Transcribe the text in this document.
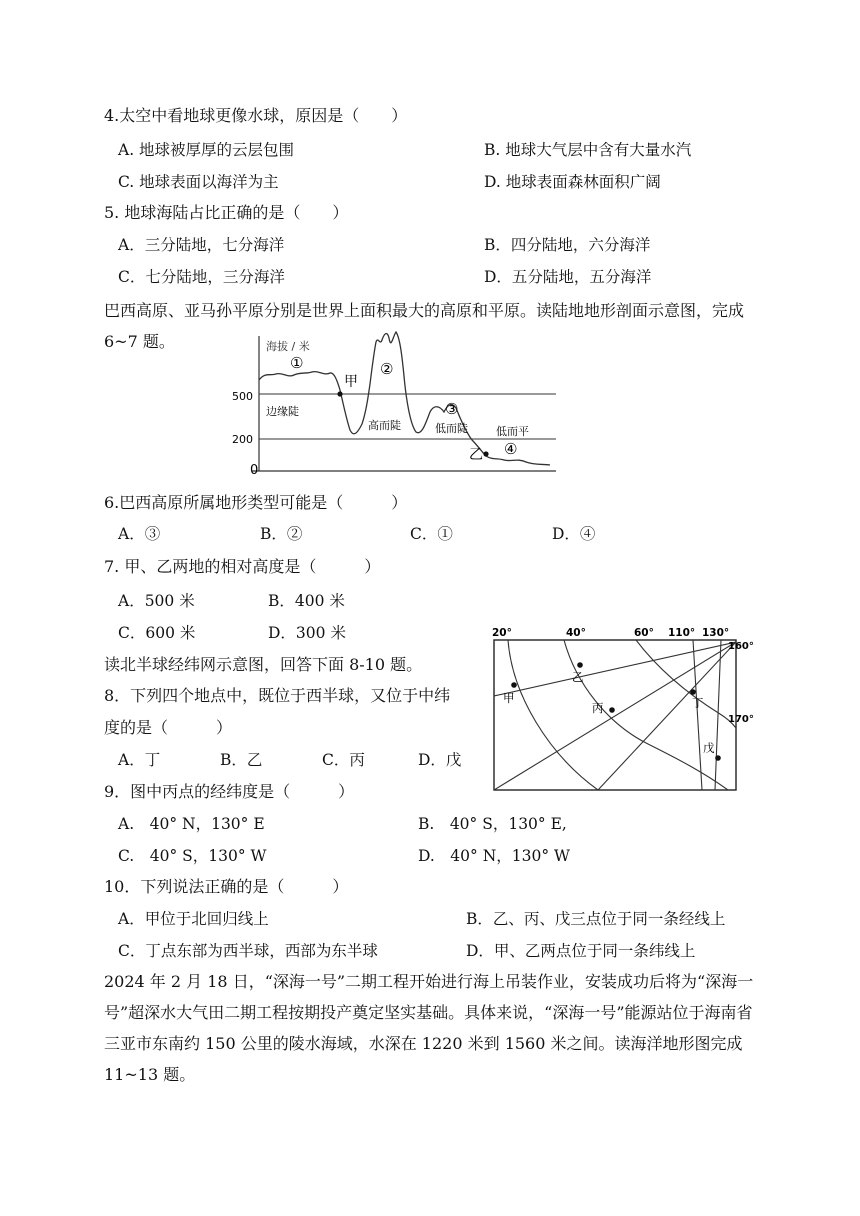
4.太空中看地球更像水球，原因是（　　）
A. 地球被厚厚的云层包围	B. 地球大气层中含有大量水汽
C. 地球表面以海洋为主	D. 地球表面森林面积广阔
5. 地球海陆占比正确的是（　　）
A．三分陆地，七分海洋	B．四分陆地，六分海洋
C．七分陆地，三分海洋	D．五分陆地，五分海洋
巴西高原、亚马孙平原分别是世界上面积最大的高原和平原。读陆地地形剖面示意图，完成 6~7 题。
500
200
0
海拔 / 米
①
甲
②
③
乙 ④
边缘陡
高而陡	低而陡	低而平
6.巴西高原所属地形类型可能是（　　　）
A．③	B．②	C．①	D．④
7. 甲、乙两地的相对高度是（　　　）
A．500 米	B．400 米
C．600 米	D．300 米
读北半球经纬网示意图，回答下面 8-10 题。
20°	40°	60° 110° 130°
160°
170°
甲
乙
丙	丁
戊
8．下列四个地点中，既位于西半球，又位于中纬
度的是（　　　）
A．丁	B．乙	C．丙	D．戊
9．图中丙点的经纬度是（　　　）
A.　40° N，130° E	B.　40° S，130° E,
C.　40° S，130° W	D.　40° N，130° W
10．下列说法正确的是（　　　）
A．甲位于北回归线上	B．乙、丙、戊三点位于同一条经线上
C．丁点东部为西半球，西部为东半球	D．甲、乙两点位于同一条纬线上
2024 年 2 月 18 日，“深海一号”二期工程开始进行海上吊装作业，安装成功后将为“深海一号”超深水大气田二期工程按期投产奠定坚实基础。具体来说，“深海一号”能源站位于海南省三亚市东南约 150 公里的陵水海域，水深在 1220 米到 1560 米之间。读海洋地形图完成 11~13 题。
